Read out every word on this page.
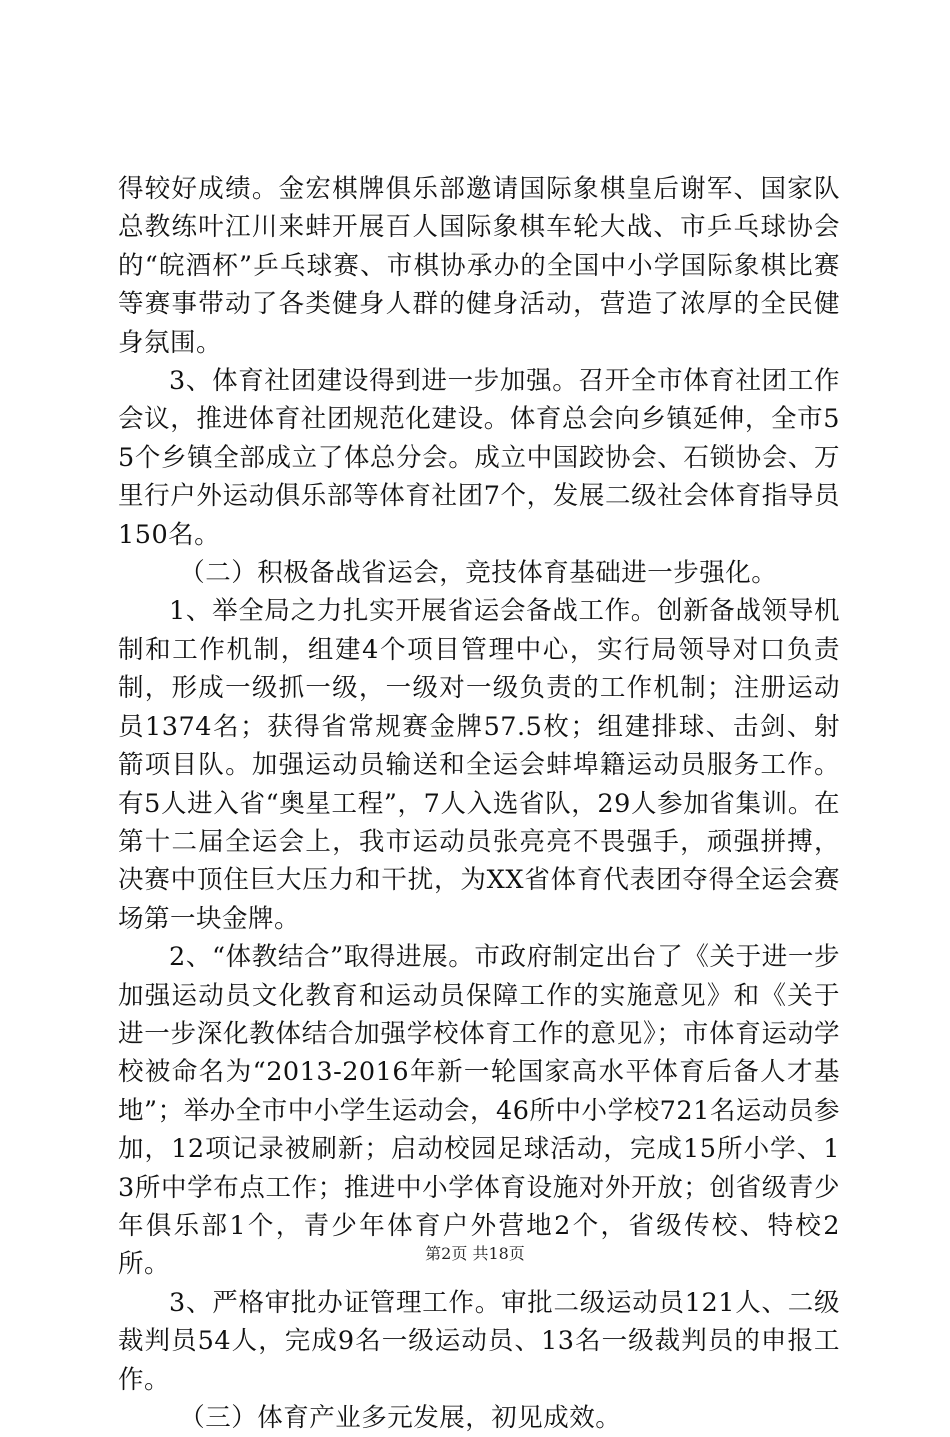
得较好成绩。金宏棋牌俱乐部邀请国际象棋皇后谢军、国家队总教练叶江川来蚌开展百人国际象棋车轮大战、市乒乓球协会的“皖酒杯”乒乓球赛、市棋协承办的全国中小学国际象棋比赛等赛事带动了各类健身人群的健身活动，营造了浓厚的全民健身氛围。

3、体育社团建设得到进一步加强。召开全市体育社团工作会议，推进体育社团规范化建设。体育总会向乡镇延伸，全市55个乡镇全部成立了体总分会。成立中国跤协会、石锁协会、万里行户外运动俱乐部等体育社团7个，发展二级社会体育指导员150名。

（二）积极备战省运会，竞技体育基础进一步强化。

1、举全局之力扎实开展省运会备战工作。创新备战领导机制和工作机制，组建4个项目管理中心，实行局领导对口负责制，形成一级抓一级，一级对一级负责的工作机制；注册运动员1374名；获得省常规赛金牌57.5枚；组建排球、击剑、射箭项目队。加强运动员输送和全运会蚌埠籍运动员服务工作。有5人进入省“奥星工程”，7人入选省队，29人参加省集训。在第十二届全运会上，我市运动员张亮亮不畏强手，顽强拼搏，决赛中顶住巨大压力和干扰，为XX省体育代表团夺得全运会赛场第一块金牌。

2、“体教结合”取得进展。市政府制定出台了《关于进一步加强运动员文化教育和运动员保障工作的实施意见》和《关于进一步深化教体结合加强学校体育工作的意见》；市体育运动学校被命名为“2013-2016年新一轮国家高水平体育后备人才基地”；举办全市中小学生运动会，46所中小学校721名运动员参加，12项记录被刷新；启动校园足球活动，完成15所小学、13所中学布点工作；推进中小学体育设施对外开放；创省级青少年俱乐部1个，青少年体育户外营地2个，省级传校、特校2所。

3、严格审批办证管理工作。审批二级运动员121人、二级裁判员54人，完成9名一级运动员、13名一级裁判员的申报工作。

（三）体育产业多元发展，初见成效。

第2页 共18页
